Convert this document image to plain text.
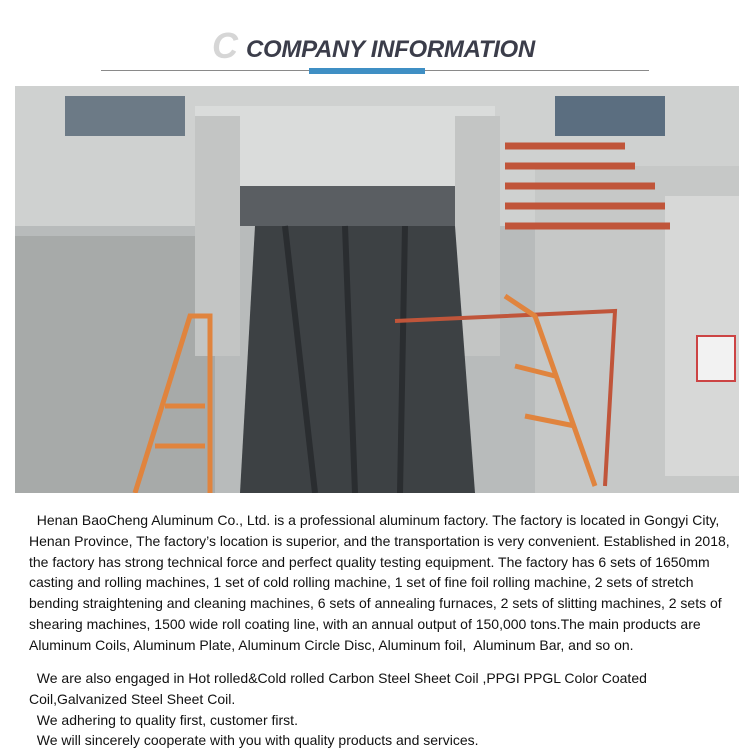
C COMPANY INFORMATION
Henan BaoCheng Aluminum Co., Ltd. is a professional aluminum factory. The factory is located in Gongyi City,
Henan Province, The factory’s location is superior, and the transportation is very convenient. Established in 2018,
the factory has strong technical force and perfect quality testing equipment. The factory has 6 sets of 1650mm
casting and rolling machines, 1 set of cold rolling machine, 1 set of fine foil rolling machine, 2 sets of stretch
bending straightening and cleaning machines, 6 sets of annealing furnaces, 2 sets of slitting machines, 2 sets of
shearing machines, 1500 wide roll coating line, with an annual output of 150,000 tons.The main products are
Aluminum Coils, Aluminum Plate, Aluminum Circle Disc, Aluminum foil,  Aluminum Bar, and so on.
We are also engaged in Hot rolled&Cold rolled Carbon Steel Sheet Coil ,PPGI PPGL Color Coated
Coil,Galvanized Steel Sheet Coil.
We adhering to quality first, customer first.
We will sincerely cooperate with you with quality products and services.
